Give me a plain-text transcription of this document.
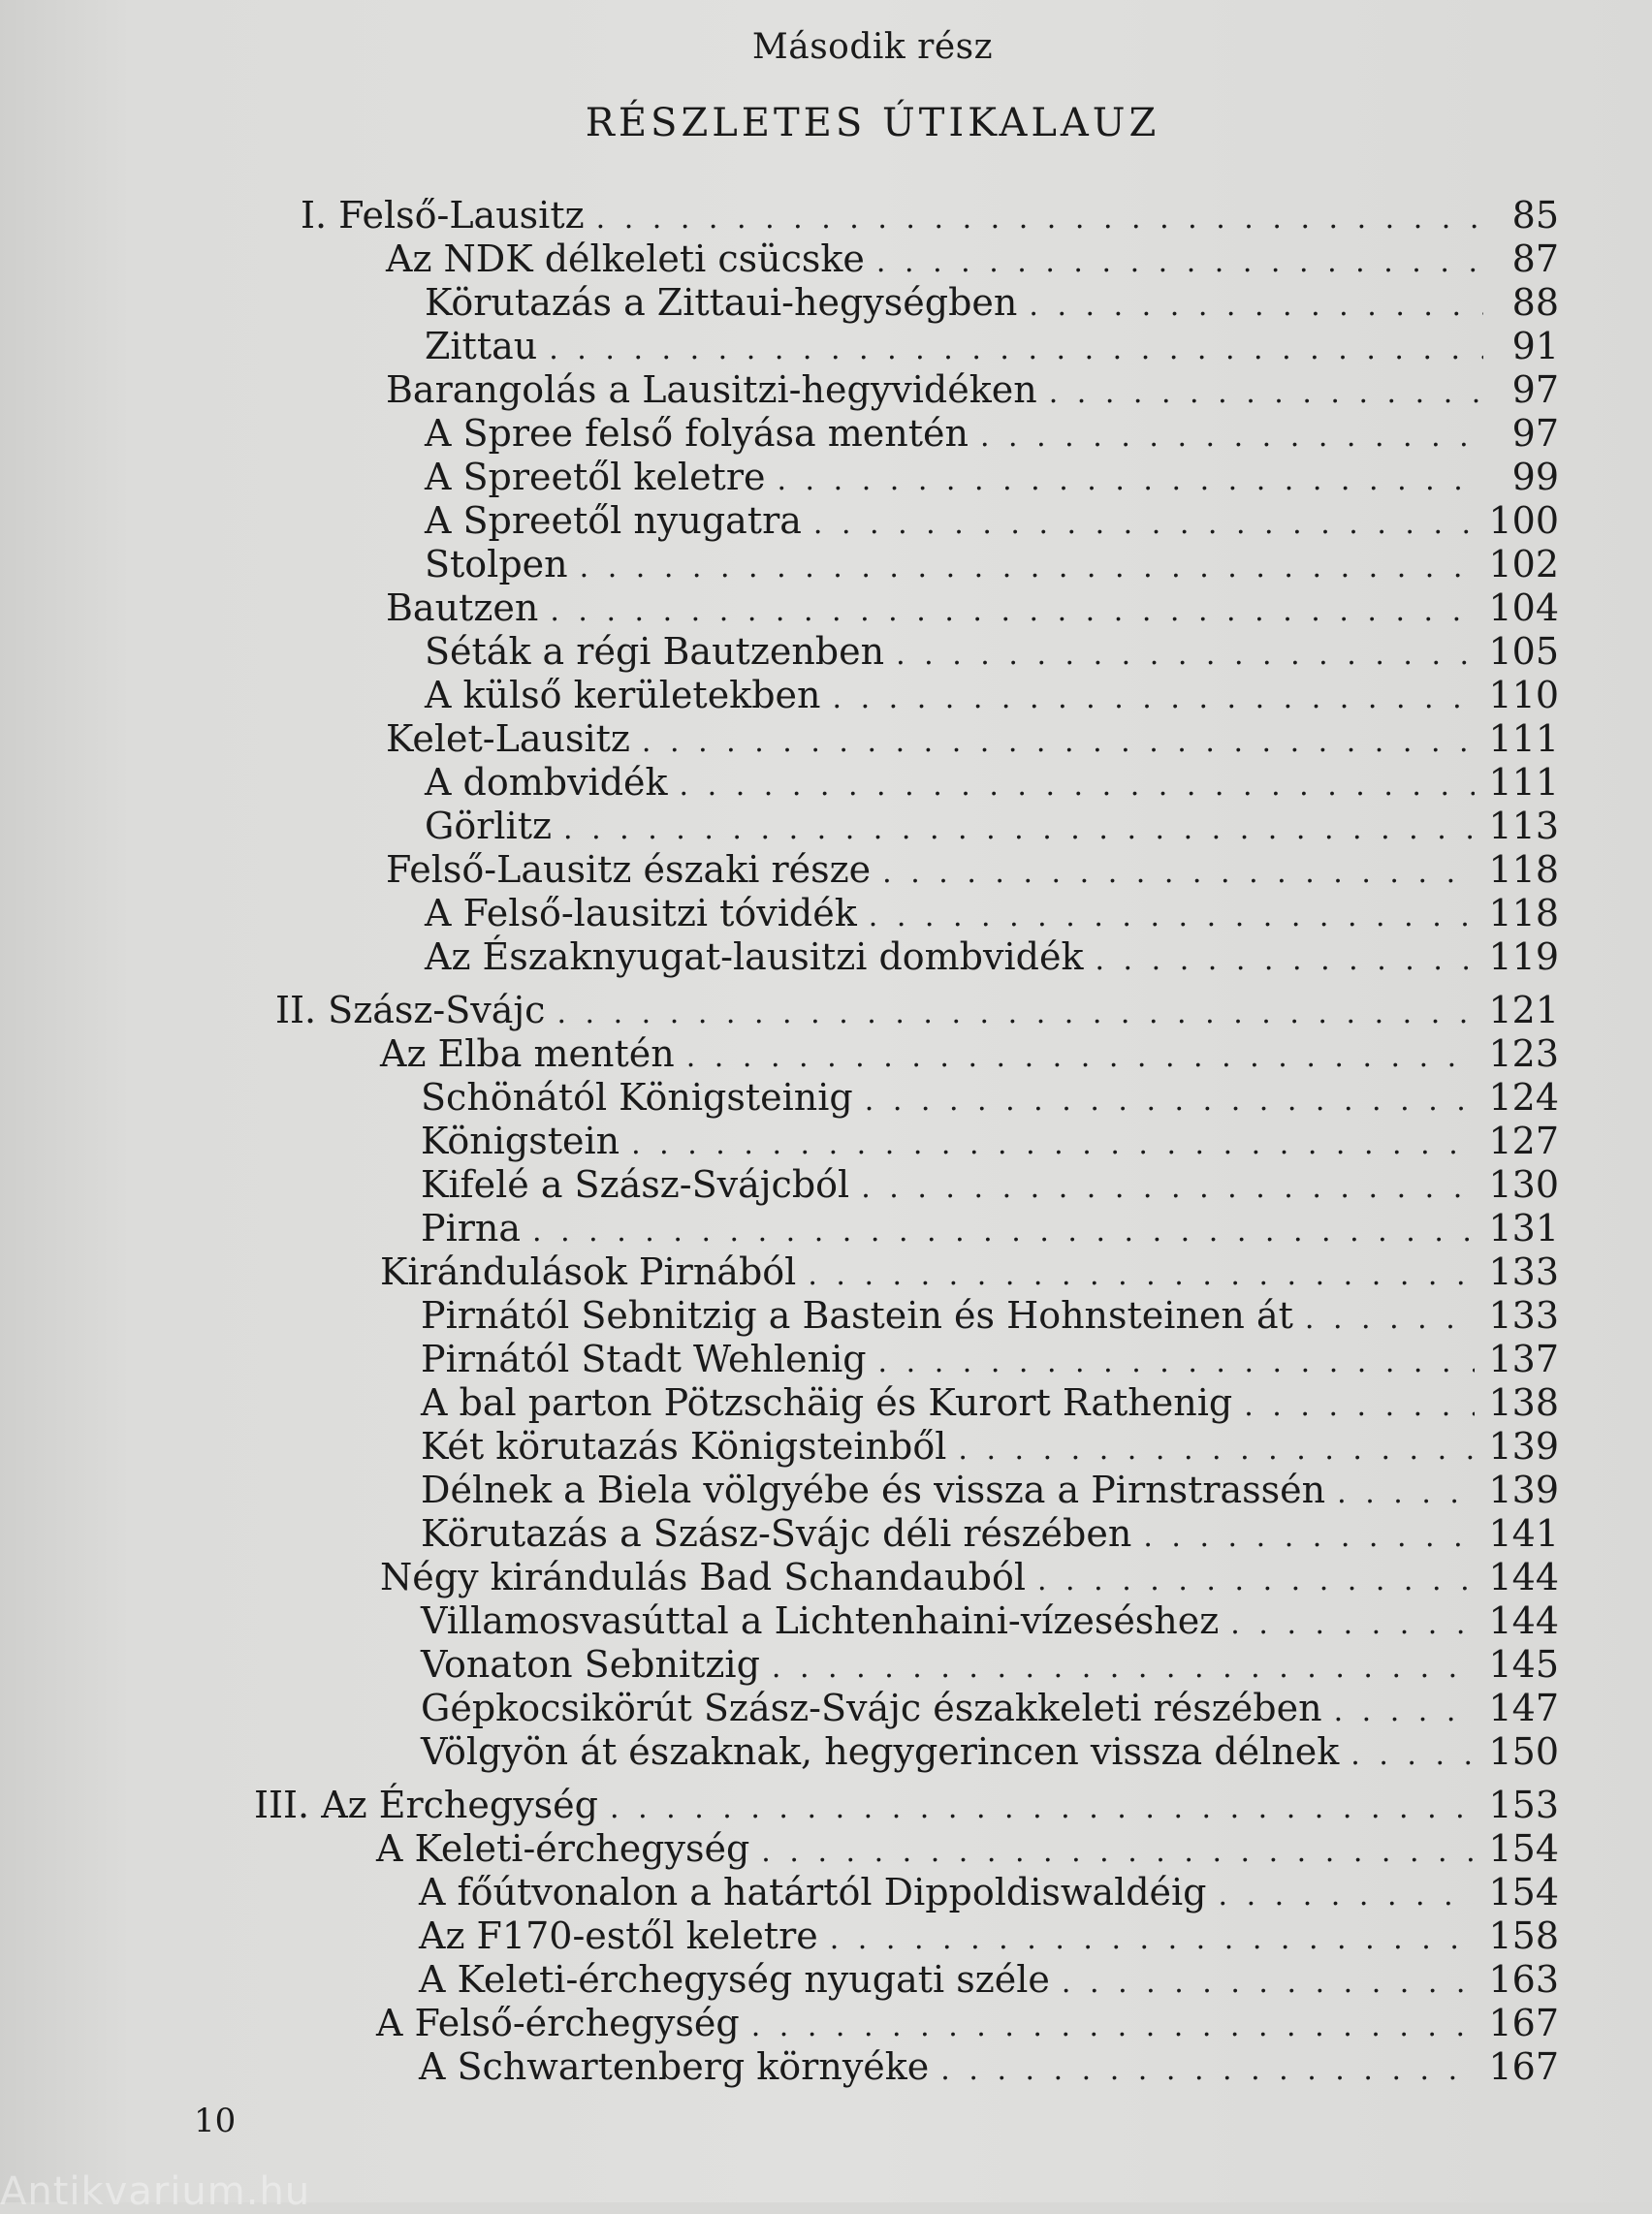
Második rész
RÉSZLETES ÚTIKALAUZ
I. Felső-Lausitz . . .	85
Az NDK délkeleti csücske . . .	87
Körutazás a Zittaui-hegységben . . .	88
Zittau . . .	91
Barangolás a Lausitzi-hegyvidéken . . .	97
A Spree felső folyása mentén . . .	97
A Spreetől keletre . . .	99
A Spreetől nyugatra . . .	100
Stolpen . . .	102
Bautzen . . .	104
Séták a régi Bautzenben . . .	105
A külső kerületekben . . .	110
Kelet-Lausitz . . .	111
A dombvidék . . .	111
Görlitz . . .	113
Felső-Lausitz északi része . . .	118
A Felső-lausitzi tóvidék . . .	118
Az Északnyugat-lausitzi dombvidék . . .	119
II. Szász-Svájc . . .	121
Az Elba mentén . . .	123
Schönától Königsteinig . . .	124
Königstein . . .	127
Kifelé a Szász-Svájcból . . .	130
Pirna . . .	131
Kirándulások Pirnából . . .	133
Pirnától Sebnitzig a Bastein és Hohnsteinen át . . .	133
Pirnától Stadt Wehlenig . . .	137
A bal parton Pötzschäig és Kurort Rathenig . . .	138
Két körutazás Königsteinből . . .	139
Délnek a Biela völgyébe és vissza a Pirnstrassén . . .	139
Körutazás a Szász-Svájc déli részében . . .	141
Négy kirándulás Bad Schandauból . . .	144
Villamosvasúttal a Lichtenhaini-vízeséshez . . .	144
Vonaton Sebnitzig . . .	145
Gépkocsikörút Szász-Svájc északkeleti részében . . .	147
Völgyön át északnak, hegygerincen vissza délnek . . .	150
III. Az Érchegység . . .	153
A Keleti-érchegység . . .	154
A főútvonalon a határtól Dippoldiswaldéig . . .	154
Az F170-estől keletre . . .	158
A Keleti-érchegység nyugati széle . . .	163
A Felső-érchegység . . .	167
A Schwartenberg környéke . . .	167
10
Antikvarium.hu
